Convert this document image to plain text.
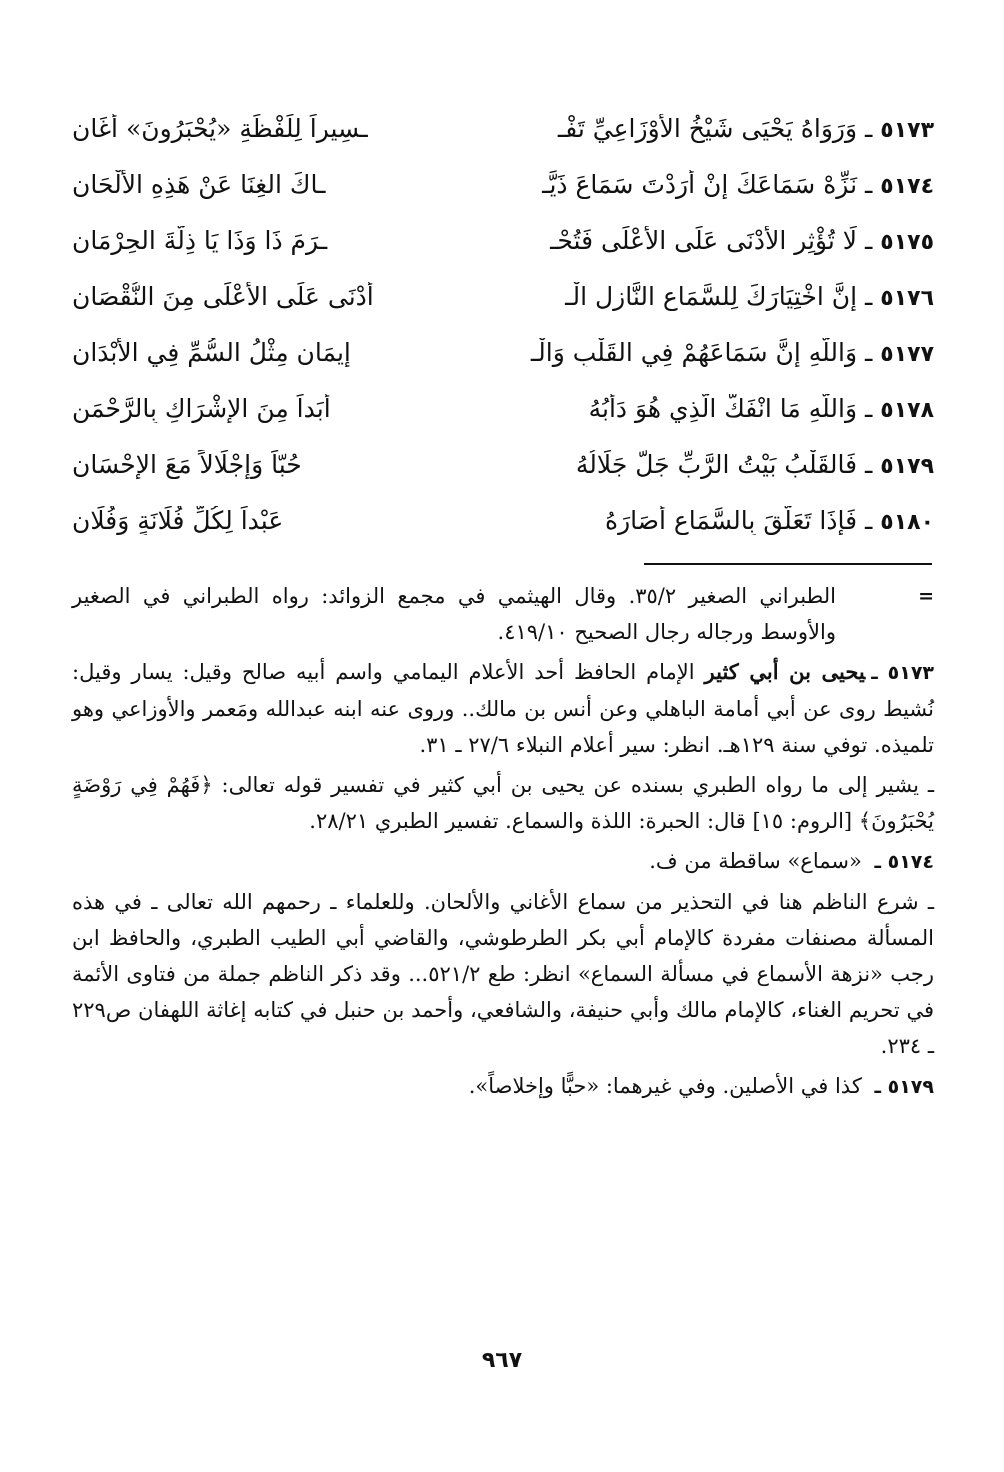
٥١٧٣ ـ وَرَوَاهُ يَحْيَى شَيْخُ الأَوْزَاعِيِّ تَفْـ
ـسِيراً لِلَفْظَةِ «يُحْبَرُونَ» أَغَانِ
٥١٧٤ ـ نَزِّهْ سَمَاعَكَ إِنْ أَرَدْتَ سَمَاعَ ذَيَّـ
ـاكَ الغِنَا عَنْ هَذِهِ الأَلْحَانِ
٥١٧٥ ـ لَا تُؤْثِرِ الأَدْنَى عَلَى الأَعْلَى فَتُحْـ
ـرَمَ ذَا وَذَا يَا ذِلَّةَ الحِرْمَانِ
٥١٧٦ ـ إِنَّ اخْتِيَارَكَ لِلسَّمَاعِ النَّازِلِ الْـ
أَدْنَى عَلَى الأَعْلَى مِنَ النُّقْصَانِ
٥١٧٧ ـ وَاللَّهِ إِنَّ سَمَاعَهُمْ فِي القَلْبِ وَالْـ
إِيمَانِ مِثْلُ السُّمِّ فِي الأَبْدَانِ
٥١٧٨ ـ وَاللَّهِ مَا انْفَكَّ الَّذِي هُوَ دَأْبُهُ
أَبَداً مِنَ الإِشْرَاكِ بِالرَّحْمَنِ
٥١٧٩ ـ فَالقَلْبُ بَيْتُ الرَّبِّ جَلَّ جَلَالُهُ
حُبّاً وَإِجْلَالاً مَعَ الإِحْسَانِ
٥١٨٠ ـ فَإِذَا تَعَلَّقَ بِالسَّمَاعِ أَصَارَهُ
عَبْداً لِكُلِّ فُلَانَةٍ وَفُلَانِ
=
الطبراني الصغير ٣٥/٢. وقال الهيثمي في مجمع الزوائد: رواه الطبراني في الصغير والأوسط ورجاله رجال الصحيح ٤١٩/١٠.
٥١٧٣ ـيحيى بن أبي كثير الإمام الحافظ أحد الأعلام اليمامي واسم أبيه صالح وقيل: يسار وقيل: نُشيط روى عن أبي أمامة الباهلي وعن أنس بن مالك.. وروى عنه ابنه عبدالله ومَعمر والأوزاعي وهو تلميذه. توفي سنة ١٢٩هـ. انظر: سير أعلام النبلاء ٢٧/٦ ـ ٣١.
ـ يشير إلى ما رواه الطبري بسنده عن يحيى بن أبي كثير في تفسير قوله تعالى: ﴿فَهُمْ فِي رَوْضَةٍ يُحْبَرُونَ﴾ [الروم: ١٥] قال: الحبرة: اللذة والسماع. تفسير الطبري ٢٨/٢١.
٥١٧٤ ـ «سماع» ساقطة من ف.
ـ شرع الناظم هنا في التحذير من سماع الأغاني والألحان. وللعلماء ـ رحمهم الله تعالى ـ في هذه المسألة مصنفات مفردة كالإمام أبي بكر الطرطوشي، والقاضي أبي الطيب الطبري، والحافظ ابن رجب «نزهة الأسماع في مسألة السماع» انظر: طع ٥٢١/٢... وقد ذكر الناظم جملة من فتاوى الأئمة في تحريم الغناء، كالإمام مالك وأبي حنيفة، والشافعي، وأحمد بن حنبل في كتابه إغاثة اللهفان ص٢٢٩ ـ ٢٣٤.
٥١٧٩ ـ كذا في الأصلين. وفي غيرهما: «حبًّا وإخلاصاً».
٩٦٧
